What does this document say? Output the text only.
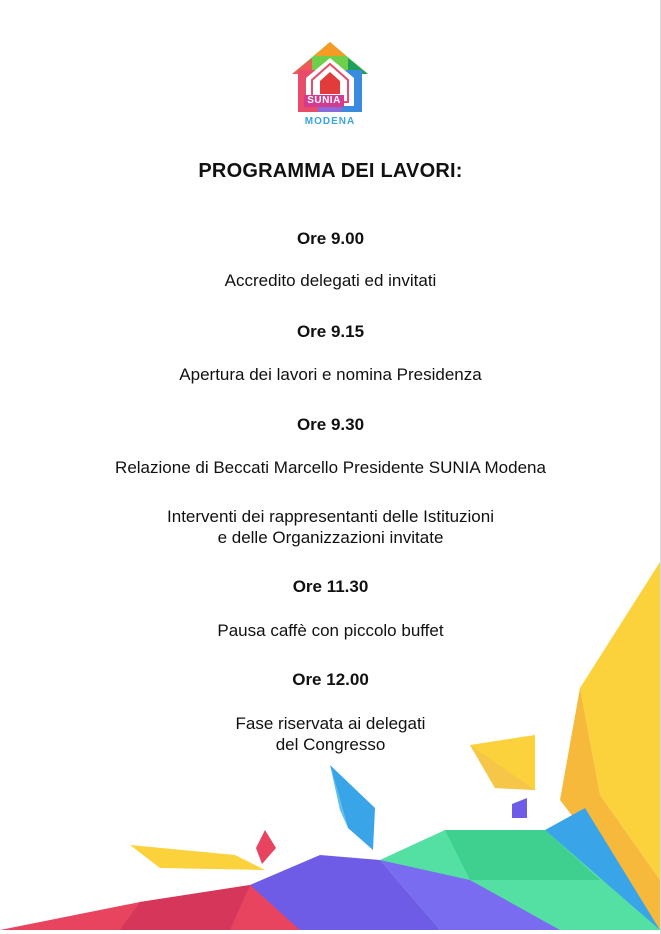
SUNIA
MODENA
PROGRAMMA DEI LAVORI:
Ore 9.00
Accredito delegati ed invitati
Ore 9.15
Apertura dei lavori e nomina Presidenza
Ore 9.30
Relazione di Beccati Marcello Presidente SUNIA Modena
Interventi dei rappresentanti delle Istituzioni
e delle Organizzazioni invitate
Ore 11.30
Pausa caffè con piccolo buffet
Ore 12.00
Fase riservata ai delegati
del Congresso
